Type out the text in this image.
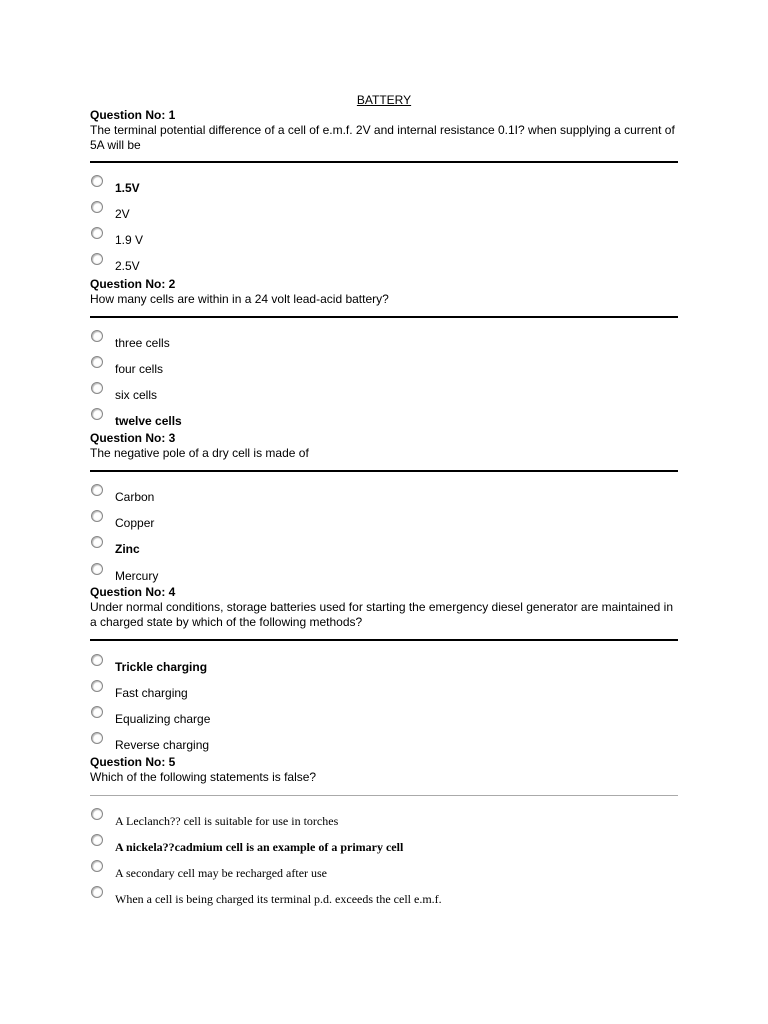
BATTERY
Question No: 1
The terminal potential difference of a cell of e.m.f. 2V and internal resistance 0.1I? when supplying a current of 5A will be
1.5V
2V
1.9 V
2.5V
Question No: 2
How many cells are within in a 24 volt lead-acid battery?
three cells
four cells
six cells
twelve cells
Question No: 3
The negative pole of a dry cell is made of
Carbon
Copper
Zinc
Mercury
Question No: 4
Under normal conditions, storage batteries used for starting the emergency diesel generator are maintained in a charged state by which of the following methods?
Trickle charging
Fast charging
Equalizing charge
Reverse charging
Question No: 5
Which of the following statements is false?
A Leclanch?? cell is suitable for use in torches
A nickela??cadmium cell is an example of a primary cell
A secondary cell may be recharged after use
When a cell is being charged its terminal p.d. exceeds the cell e.m.f.
